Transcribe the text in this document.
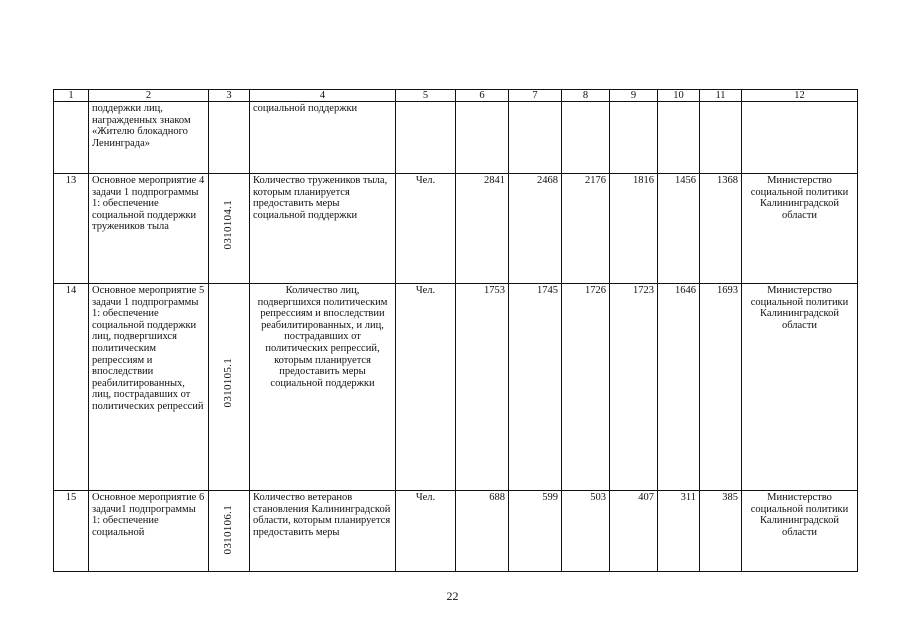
1	2	3	4	5	6	7	8	9	10	11	12

	поддержки лиц, награжденных знаком «Жителю блокадного Ленинграда»		социальной поддержки								

13	Основное мероприятие 4 задачи 1 подпрограммы 1: обеспечение социальной поддержки тружеников тыла	0310104.1	Количество тружеников тыла, которым планируется предоставить меры социальной поддержки	Чел.	2841	2468	2176	1816	1456	1368	Министерство социальной политики Калининградской области
14	Основное мероприятие 5 задачи 1 подпрограммы 1: обеспечение социальной поддержки лиц, подвергшихся политическим репрессиям и впоследствии реабилитированных, лиц, пострадавших от политических репрессий	0310105.1	Количество лиц, подвергшихся политическим репрессиям и впоследствии реабилитированных, и лиц, пострадавших от политических репрессий, которым планируется предоставить меры социальной поддержки	Чел.	1753	1745	1726	1723	1646	1693	Министерство социальной политики Калининградской области
15	Основное мероприятие 6 задачи1 подпрограммы 1: обеспечение социальной	0310106.1	Количество ветеранов становления Калининградской области, которым планируется предоставить меры	Чел.	688	599	503	407	311	385	Министерство социальной политики Калининградской области
22
